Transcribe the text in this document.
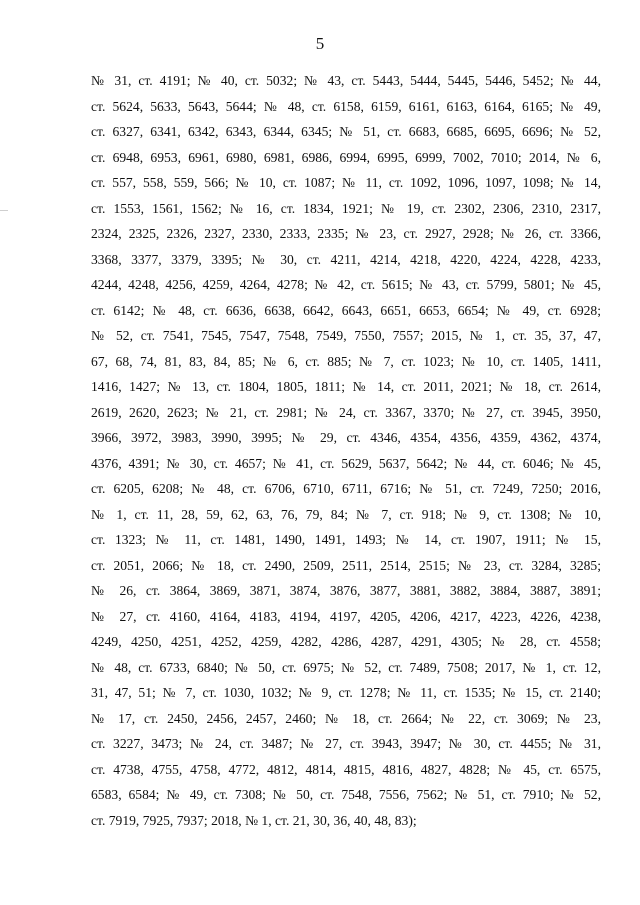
5
№ 31, ст. 4191; № 40, ст. 5032; № 43, ст. 5443, 5444, 5445, 5446, 5452; № 44,
ст. 5624, 5633, 5643, 5644; № 48, ст. 6158, 6159, 6161, 6163, 6164, 6165; № 49,
ст. 6327, 6341, 6342, 6343, 6344, 6345; № 51, ст. 6683, 6685, 6695, 6696; № 52,
ст. 6948, 6953, 6961, 6980, 6981, 6986, 6994, 6995, 6999, 7002, 7010; 2014, № 6,
ст. 557, 558, 559, 566; № 10, ст. 1087; № 11, ст. 1092, 1096, 1097, 1098; № 14,
ст. 1553, 1561, 1562; № 16, ст. 1834, 1921; № 19, ст. 2302, 2306, 2310, 2317,
2324, 2325, 2326, 2327, 2330, 2333, 2335; № 23, ст. 2927, 2928; № 26, ст. 3366,
3368, 3377, 3379, 3395; № 30, ст. 4211, 4214, 4218, 4220, 4224, 4228, 4233,
4244, 4248, 4256, 4259, 4264, 4278; № 42, ст. 5615; № 43, ст. 5799, 5801; № 45,
ст. 6142; № 48, ст. 6636, 6638, 6642, 6643, 6651, 6653, 6654; № 49, ст. 6928;
№ 52, ст. 7541, 7545, 7547, 7548, 7549, 7550, 7557; 2015, № 1, ст. 35, 37, 47,
67, 68, 74, 81, 83, 84, 85; № 6, ст. 885; № 7, ст. 1023; № 10, ст. 1405, 1411,
1416, 1427; № 13, ст. 1804, 1805, 1811; № 14, ст. 2011, 2021; № 18, ст. 2614,
2619, 2620, 2623; № 21, ст. 2981; № 24, ст. 3367, 3370; № 27, ст. 3945, 3950,
3966, 3972, 3983, 3990, 3995; № 29, ст. 4346, 4354, 4356, 4359, 4362, 4374,
4376, 4391; № 30, ст. 4657; № 41, ст. 5629, 5637, 5642; № 44, ст. 6046; № 45,
ст. 6205, 6208; № 48, ст. 6706, 6710, 6711, 6716; № 51, ст. 7249, 7250; 2016,
№ 1, ст. 11, 28, 59, 62, 63, 76, 79, 84; № 7, ст. 918; № 9, ст. 1308; № 10,
ст. 1323; № 11, ст. 1481, 1490, 1491, 1493; № 14, ст. 1907, 1911; № 15,
ст. 2051, 2066; № 18, ст. 2490, 2509, 2511, 2514, 2515; № 23, ст. 3284, 3285;
№ 26, ст. 3864, 3869, 3871, 3874, 3876, 3877, 3881, 3882, 3884, 3887, 3891;
№ 27, ст. 4160, 4164, 4183, 4194, 4197, 4205, 4206, 4217, 4223, 4226, 4238,
4249, 4250, 4251, 4252, 4259, 4282, 4286, 4287, 4291, 4305; № 28, ст. 4558;
№ 48, ст. 6733, 6840; № 50, ст. 6975; № 52, ст. 7489, 7508; 2017, № 1, ст. 12,
31, 47, 51; № 7, ст. 1030, 1032; № 9, ст. 1278; № 11, ст. 1535; № 15, ст. 2140;
№ 17, ст. 2450, 2456, 2457, 2460; № 18, ст. 2664; № 22, ст. 3069; № 23,
ст. 3227, 3473; № 24, ст. 3487; № 27, ст. 3943, 3947; № 30, ст. 4455; № 31,
ст. 4738, 4755, 4758, 4772, 4812, 4814, 4815, 4816, 4827, 4828; № 45, ст. 6575,
6583, 6584; № 49, ст. 7308; № 50, ст. 7548, 7556, 7562; № 51, ст. 7910; № 52,
ст. 7919, 7925, 7937; 2018, № 1, ст. 21, 30, 36, 40, 48, 83);
